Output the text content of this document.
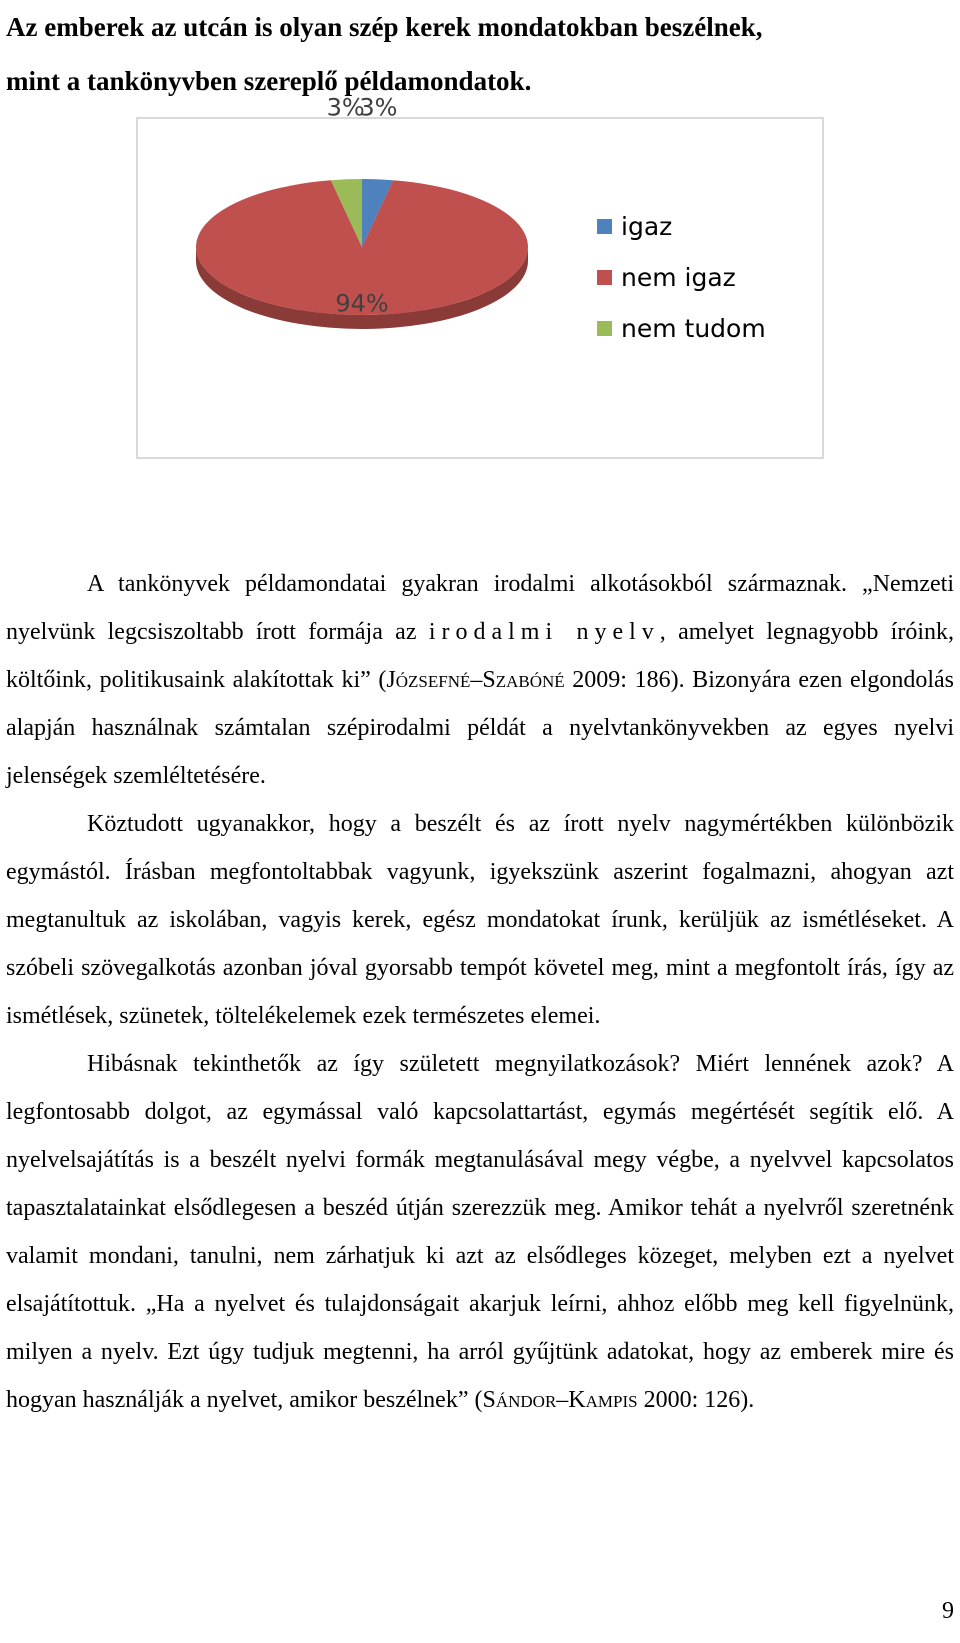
Az emberek az utcán is olyan szép kerek mondatokban beszélnek,
mint a tankönyvben szereplő példamondatok.
3%
94%
3%
igaz
nem igaz
nem tudom

A tankönyvek példamondatai gyakran irodalmi alkotásokból származnak. „Nemzeti nyelvünk legcsiszoltabb írott formája az irodalmi nyelv, amelyet legnagyobb íróink, költőink, politikusaink alakítottak ki” (Józsefné–Szabóné 2009: 186). Bizonyára ezen elgondolás alapján használnak számtalan szépirodalmi példát a nyelvtankönyvekben az egyes nyelvi jelenségek szemléltetésére.

Köztudott ugyanakkor, hogy a beszélt és az írott nyelv nagymértékben különbözik egymástól. Írásban megfontoltabbak vagyunk, igyekszünk aszerint fogalmazni, ahogyan azt megtanultuk az iskolában, vagyis kerek, egész mondatokat írunk, kerüljük az ismétléseket. A szóbeli szövegalkotás azonban jóval gyorsabb tempót követel meg, mint a megfontolt írás, így az ismétlések, szünetek, töltelékelemek ezek természetes elemei.

Hibásnak tekinthetők az így született megnyilatkozások? Miért lennének azok? A legfontosabb dolgot, az egymással való kapcsolattartást, egymás megértését segítik elő. A nyelvelsajátítás is a beszélt nyelvi formák megtanulásával megy végbe, a nyelvvel kapcsolatos tapasztalatainkat elsődlegesen a beszéd útján szerezzük meg. Amikor tehát a nyelvről szeretnénk valamit mondani, tanulni, nem zárhatjuk ki azt az elsődleges közeget, melyben ezt a nyelvet elsajátítottuk. „Ha a nyelvet és tulajdonságait akarjuk leírni, ahhoz előbb meg kell figyelnünk, milyen a nyelv. Ezt úgy tudjuk megtenni, ha arról gyűjtünk adatokat, hogy az emberek mire és hogyan használják a nyelvet, amikor beszélnek” (Sándor–Kampis 2000: 126).

9
